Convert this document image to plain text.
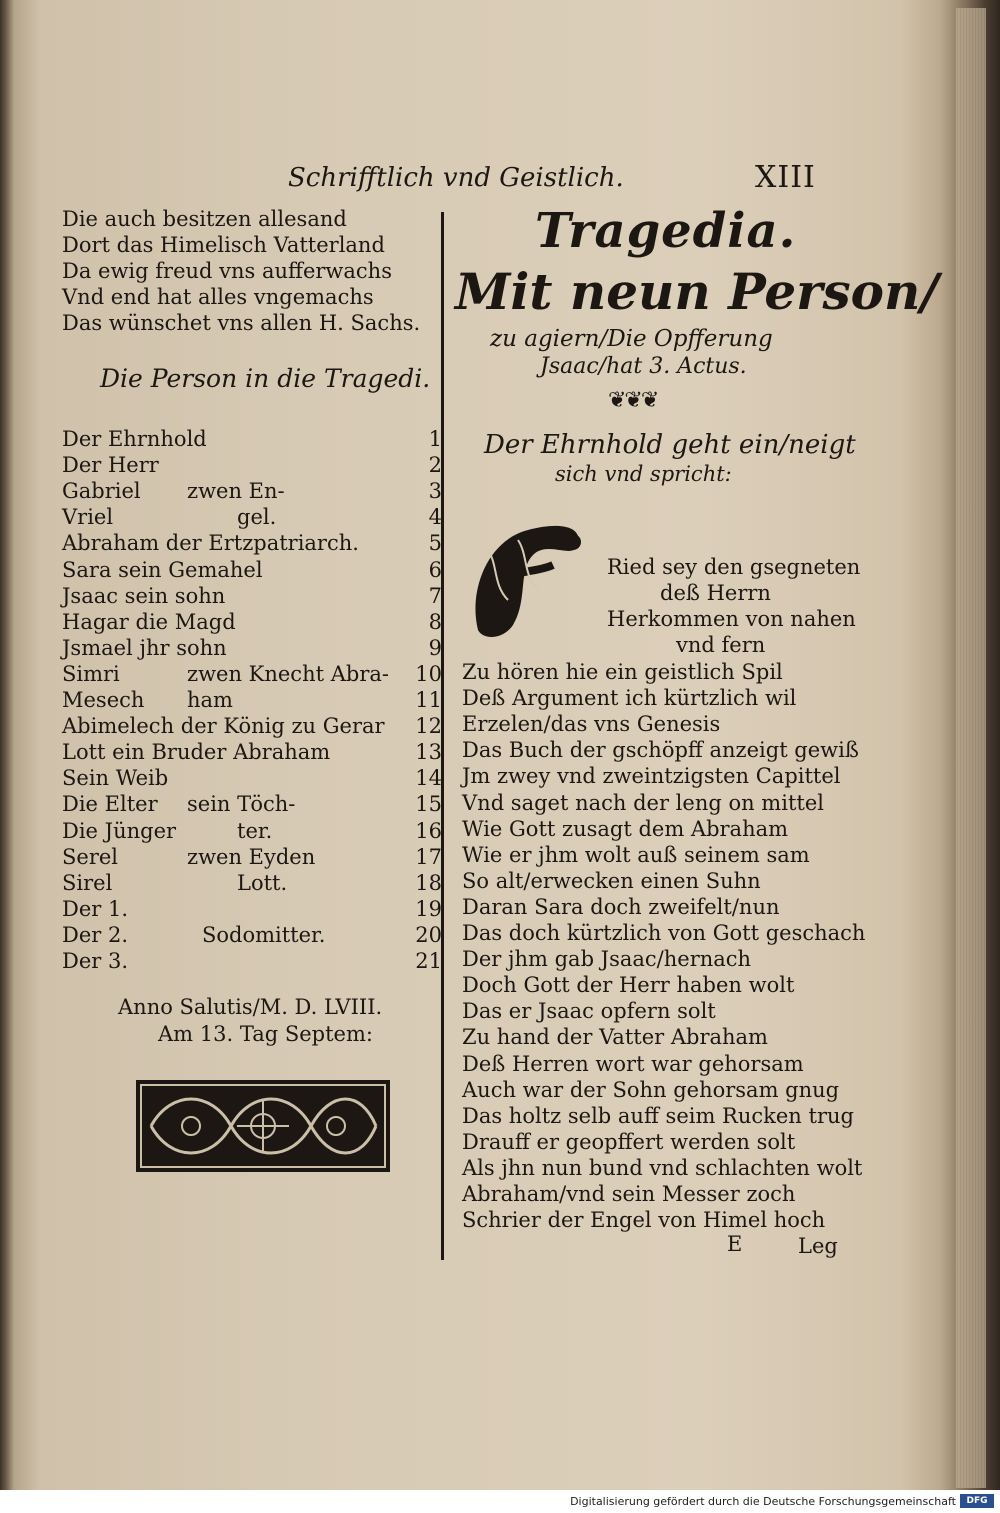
Schrifftlich vnd Geistlich.	XIII
Die auch besitzen allesand
Dort das Himelisch Vatterland
Da ewig freud vns aufferwachs
Vnd end hat alles vngemachs
Das wünschet vns allen H. Sachs.
Die Person in die Tragedi.
Der Ehrnhold	1
Der Herr	2
Gabriel zwen En-	3
Vriel	gel.	4
Abraham der Ertzpatriarch.	5
Sara sein Gemahel	6
Jsaac sein sohn	7
Hagar die Magd	8
Jsmael jhr sohn	9
Simri	zwen Knecht Abra- 10
Mesech ham	11
Abimelech der König zu Gerar 12
Lott ein Bruder Abraham	13
Sein Weib	14
Die Elter sein Töch-	15
Die Jünger	ter.	16
Serel	zwen Eyden	17
Sirel	Lott.	18
Der 1.	19
Der 2.	Sodomitter.	20
Der 3.	21
Anno Salutis/M. D. LVIII.
Am 13. Tag Septem:
Tragedia.
Mit neun Person/
zu agiern/Die Opfferung
Jsaac/hat 3. Actus.
❦❦❦
Der Ehrnhold geht ein/neigt
sich vnd spricht:
Ried sey den gsegneten
deß Herrn
Herkommen von nahen
vnd fern
Zu hören hie ein geistlich Spil
Deß Argument ich kürtzlich wil
Erzelen/das vns Genesis
Das Buch der gschöpff anzeigt gewiß
Jm zwey vnd zweintzigsten Capittel
Vnd saget nach der leng on mittel
Wie Gott zusagt dem Abraham
Wie er jhm wolt auß seinem sam
So alt/erwecken einen Suhn
Daran Sara doch zweifelt/nun
Das doch kürtzlich von Gott geschach
Der jhm gab Jsaac/hernach
Doch Gott der Herr haben wolt
Das er Jsaac opfern solt
Zu hand der Vatter Abraham
Deß Herren wort war gehorsam
Auch war der Sohn gehorsam gnug
Das holtz selb auff seim Rucken trug
Drauff er geopffert werden solt
Als jhn nun bund vnd schlachten wolt
Abraham/vnd sein Messer zoch
Schrier der Engel von Himel hoch
E	Leg
Digitalisierung gefördert durch die Deutsche Forschungsgemeinschaft	DFG
